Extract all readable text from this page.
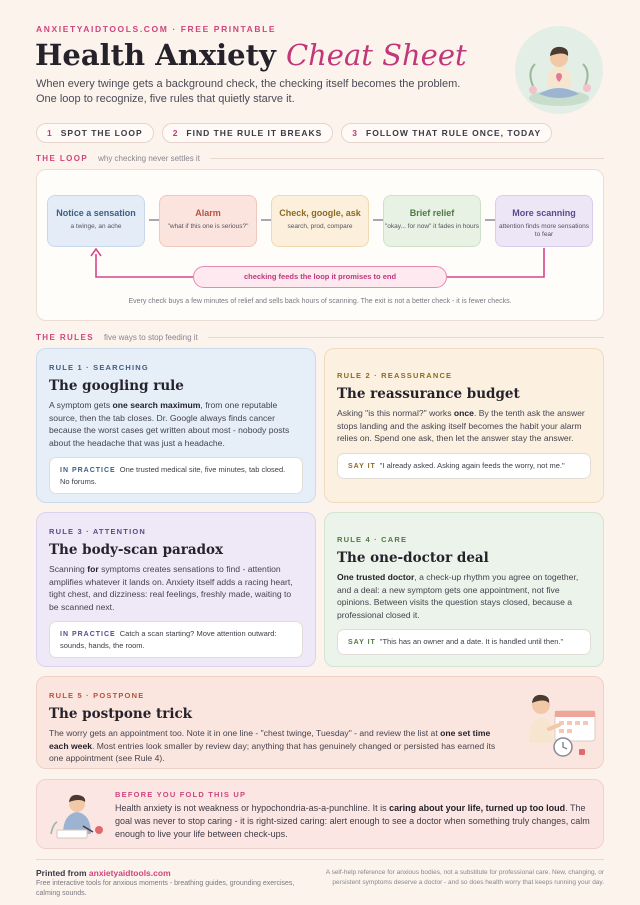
ANXIETYAIDTOOLS.COM · FREE PRINTABLE
Health Anxiety Cheat Sheet
When every twinge gets a background check, the checking itself becomes the problem. One loop to recognize, five rules that quietly starve it.
1 SPOT THE LOOP	2 FIND THE RULE IT BREAKS	3 FOLLOW THAT RULE ONCE, TODAY
THE LOOP why checking never settles it
Notice a sensation
a twinge, an ache
Alarm
"what if this one is serious?"
Check, google, ask
search, prod, compare
Brief relief
"okay... for now" it fades in hours
More scanning
attention finds more sensations to fear
checking feeds the loop it promises to end
Every check buys a few minutes of relief and sells back hours of scanning. The exit is not a better check - it is fewer checks.
THE RULES five ways to stop feeding it
RULE 1 · SEARCHING
The googling rule
A symptom gets one search maximum, from one reputable source, then the tab closes. Dr. Google always finds cancer because the worst cases get written about most - nobody posts about the headache that was just a headache.
IN PRACTICE One trusted medical site, five minutes, tab closed. No forums.
RULE 2 · REASSURANCE
The reassurance budget
Asking "is this normal?" works once. By the tenth ask the answer stops landing and the asking itself becomes the habit your alarm relies on. Spend one ask, then let the answer stay the answer.
SAY IT "I already asked. Asking again feeds the worry, not me."
RULE 3 · ATTENTION
The body-scan paradox
Scanning for symptoms creates sensations to find - attention amplifies whatever it lands on. Anxiety itself adds a racing heart, tight chest, and dizziness: real feelings, freshly made, waiting to be scanned next.
IN PRACTICE Catch a scan starting? Move attention outward: sounds, hands, the room.
RULE 4 · CARE
The one-doctor deal
One trusted doctor, a check-up rhythm you agree on together, and a deal: a new symptom gets one appointment, not five opinions. Between visits the question stays closed, because a professional closed it.
SAY IT "This has an owner and a date. It is handled until then."
RULE 5 · POSTPONE
The postpone trick
The worry gets an appointment too. Note it in one line - "chest twinge, Tuesday" - and review the list at one set time each week. Most entries look smaller by review day; anything that has genuinely changed or persisted has earned its one appointment (see Rule 4).
BEFORE YOU FOLD THIS UP
Health anxiety is not weakness or hypochondria-as-a-punchline. It is caring about your life, turned up too loud. The goal was never to stop caring - it is right-sized caring: alert enough to see a doctor when something truly changes, calm enough to live your life between check-ups.
Printed from anxietyaidtools.com
Free interactive tools for anxious moments - breathing guides, grounding exercises, calming sounds.
A self-help reference for anxious bodies, not a substitute for professional care. New, changing, or persistent symptoms deserve a doctor - and so does health worry that keeps running your day.
